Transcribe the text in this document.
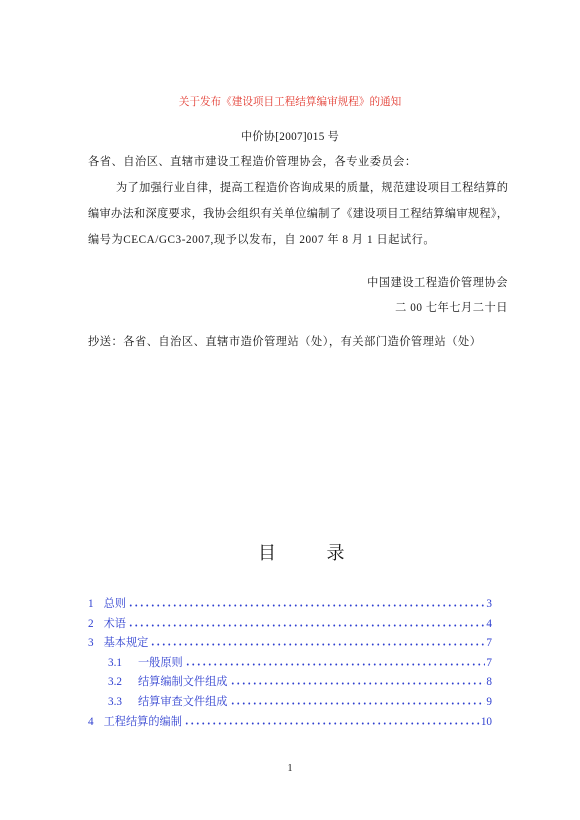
关于发布《建设项目工程结算编审规程》的通知
中价协[2007]015 号
各省、自治区、直辖市建设工程造价管理协会，各专业委员会：
为了加强行业自律，提高工程造价咨询成果的质量，规范建设项目工程结算的
编审办法和深度要求，我协会组织有关单位编制了《建设项目工程结算编审规程》，
编号为CECA/GC3-2007,现予以发布，自 2007 年 8 月 1 日起试行。
中国建设工程造价管理协会
二 00 七年七月二十日
抄送：各省、自治区、直辖市造价管理站（处），有关部门造价管理站（处）
目 录
1 总则	3
2 术语	4
3 基本规定	7
3.1 一般原则	7
3.2 结算编制文件组成	8
3.3 结算审查文件组成	9
4 工程结算的编制	10
1
